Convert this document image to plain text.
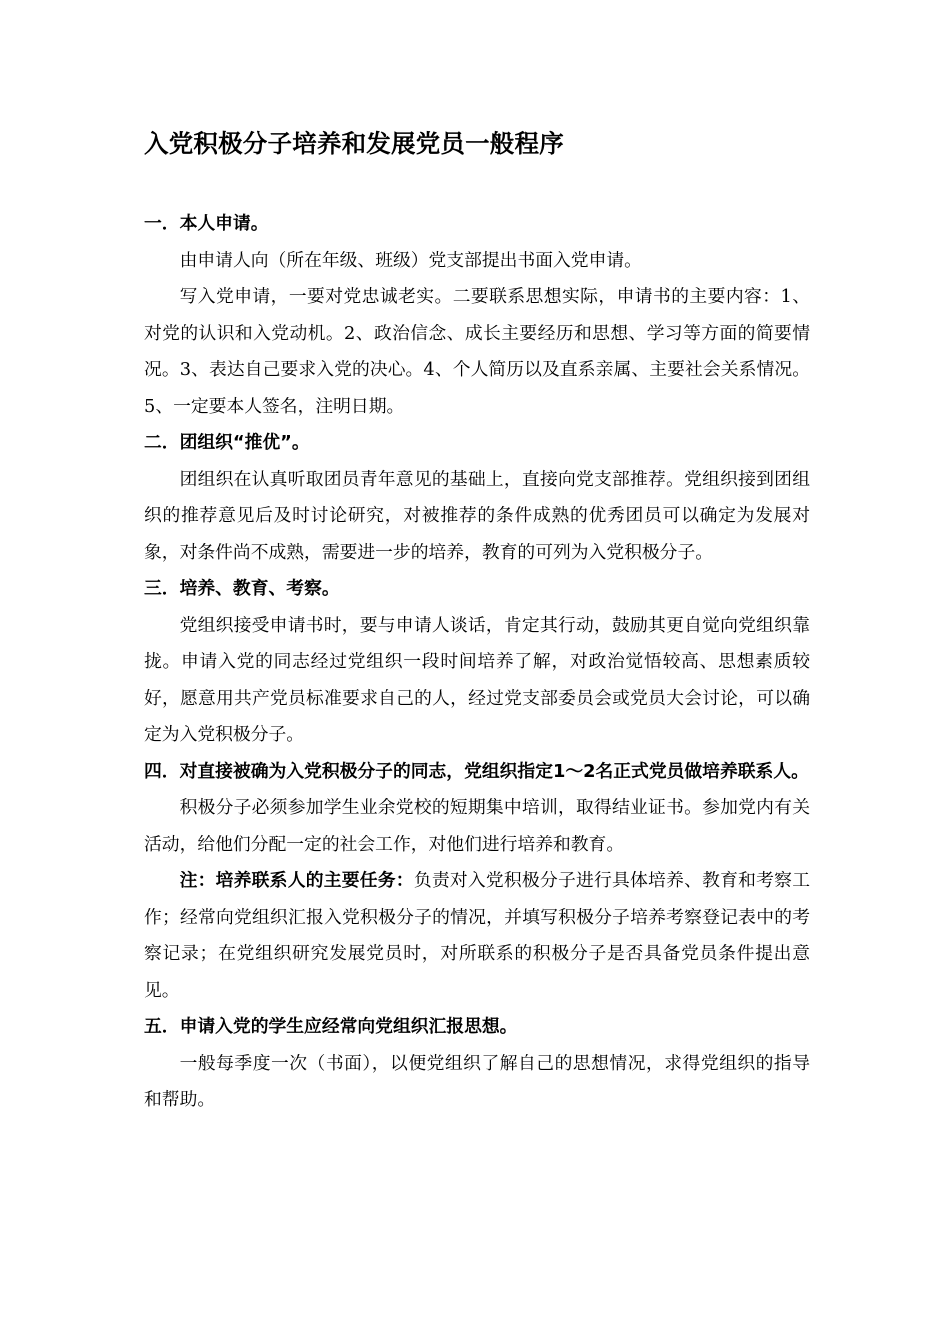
入党积极分子培养和发展党员一般程序

一．本人申请。

由申请人向（所在年级、班级）党支部提出书面入党申请。

写入党申请，一要对党忠诚老实。二要联系思想实际，申请书的主要内容：1、对党的认识和入党动机。2、政治信念、成长主要经历和思想、学习等方面的简要情况。3、表达自己要求入党的决心。4、个人简历以及直系亲属、主要社会关系情况。5、一定要本人签名，注明日期。

二．团组织“推优”。

团组织在认真听取团员青年意见的基础上，直接向党支部推荐。党组织接到团组织的推荐意见后及时讨论研究，对被推荐的条件成熟的优秀团员可以确定为发展对象，对条件尚不成熟，需要进一步的培养，教育的可列为入党积极分子。

三．培养、教育、考察。

党组织接受申请书时，要与申请人谈话，肯定其行动，鼓励其更自觉向党组织靠拢。申请入党的同志经过党组织一段时间培养了解，对政治觉悟较高、思想素质较好，愿意用共产党员标准要求自己的人，经过党支部委员会或党员大会讨论，可以确定为入党积极分子。

四．对直接被确为入党积极分子的同志，党组织指定1～2名正式党员做培养联系人。

积极分子必须参加学生业余党校的短期集中培训，取得结业证书。参加党内有关活动，给他们分配一定的社会工作，对他们进行培养和教育。

注：培养联系人的主要任务：负责对入党积极分子进行具体培养、教育和考察工作；经常向党组织汇报入党积极分子的情况，并填写积极分子培养考察登记表中的考察记录；在党组织研究发展党员时，对所联系的积极分子是否具备党员条件提出意见。

五．申请入党的学生应经常向党组织汇报思想。

一般每季度一次（书面），以便党组织了解自己的思想情况，求得党组织的指导和帮助。
